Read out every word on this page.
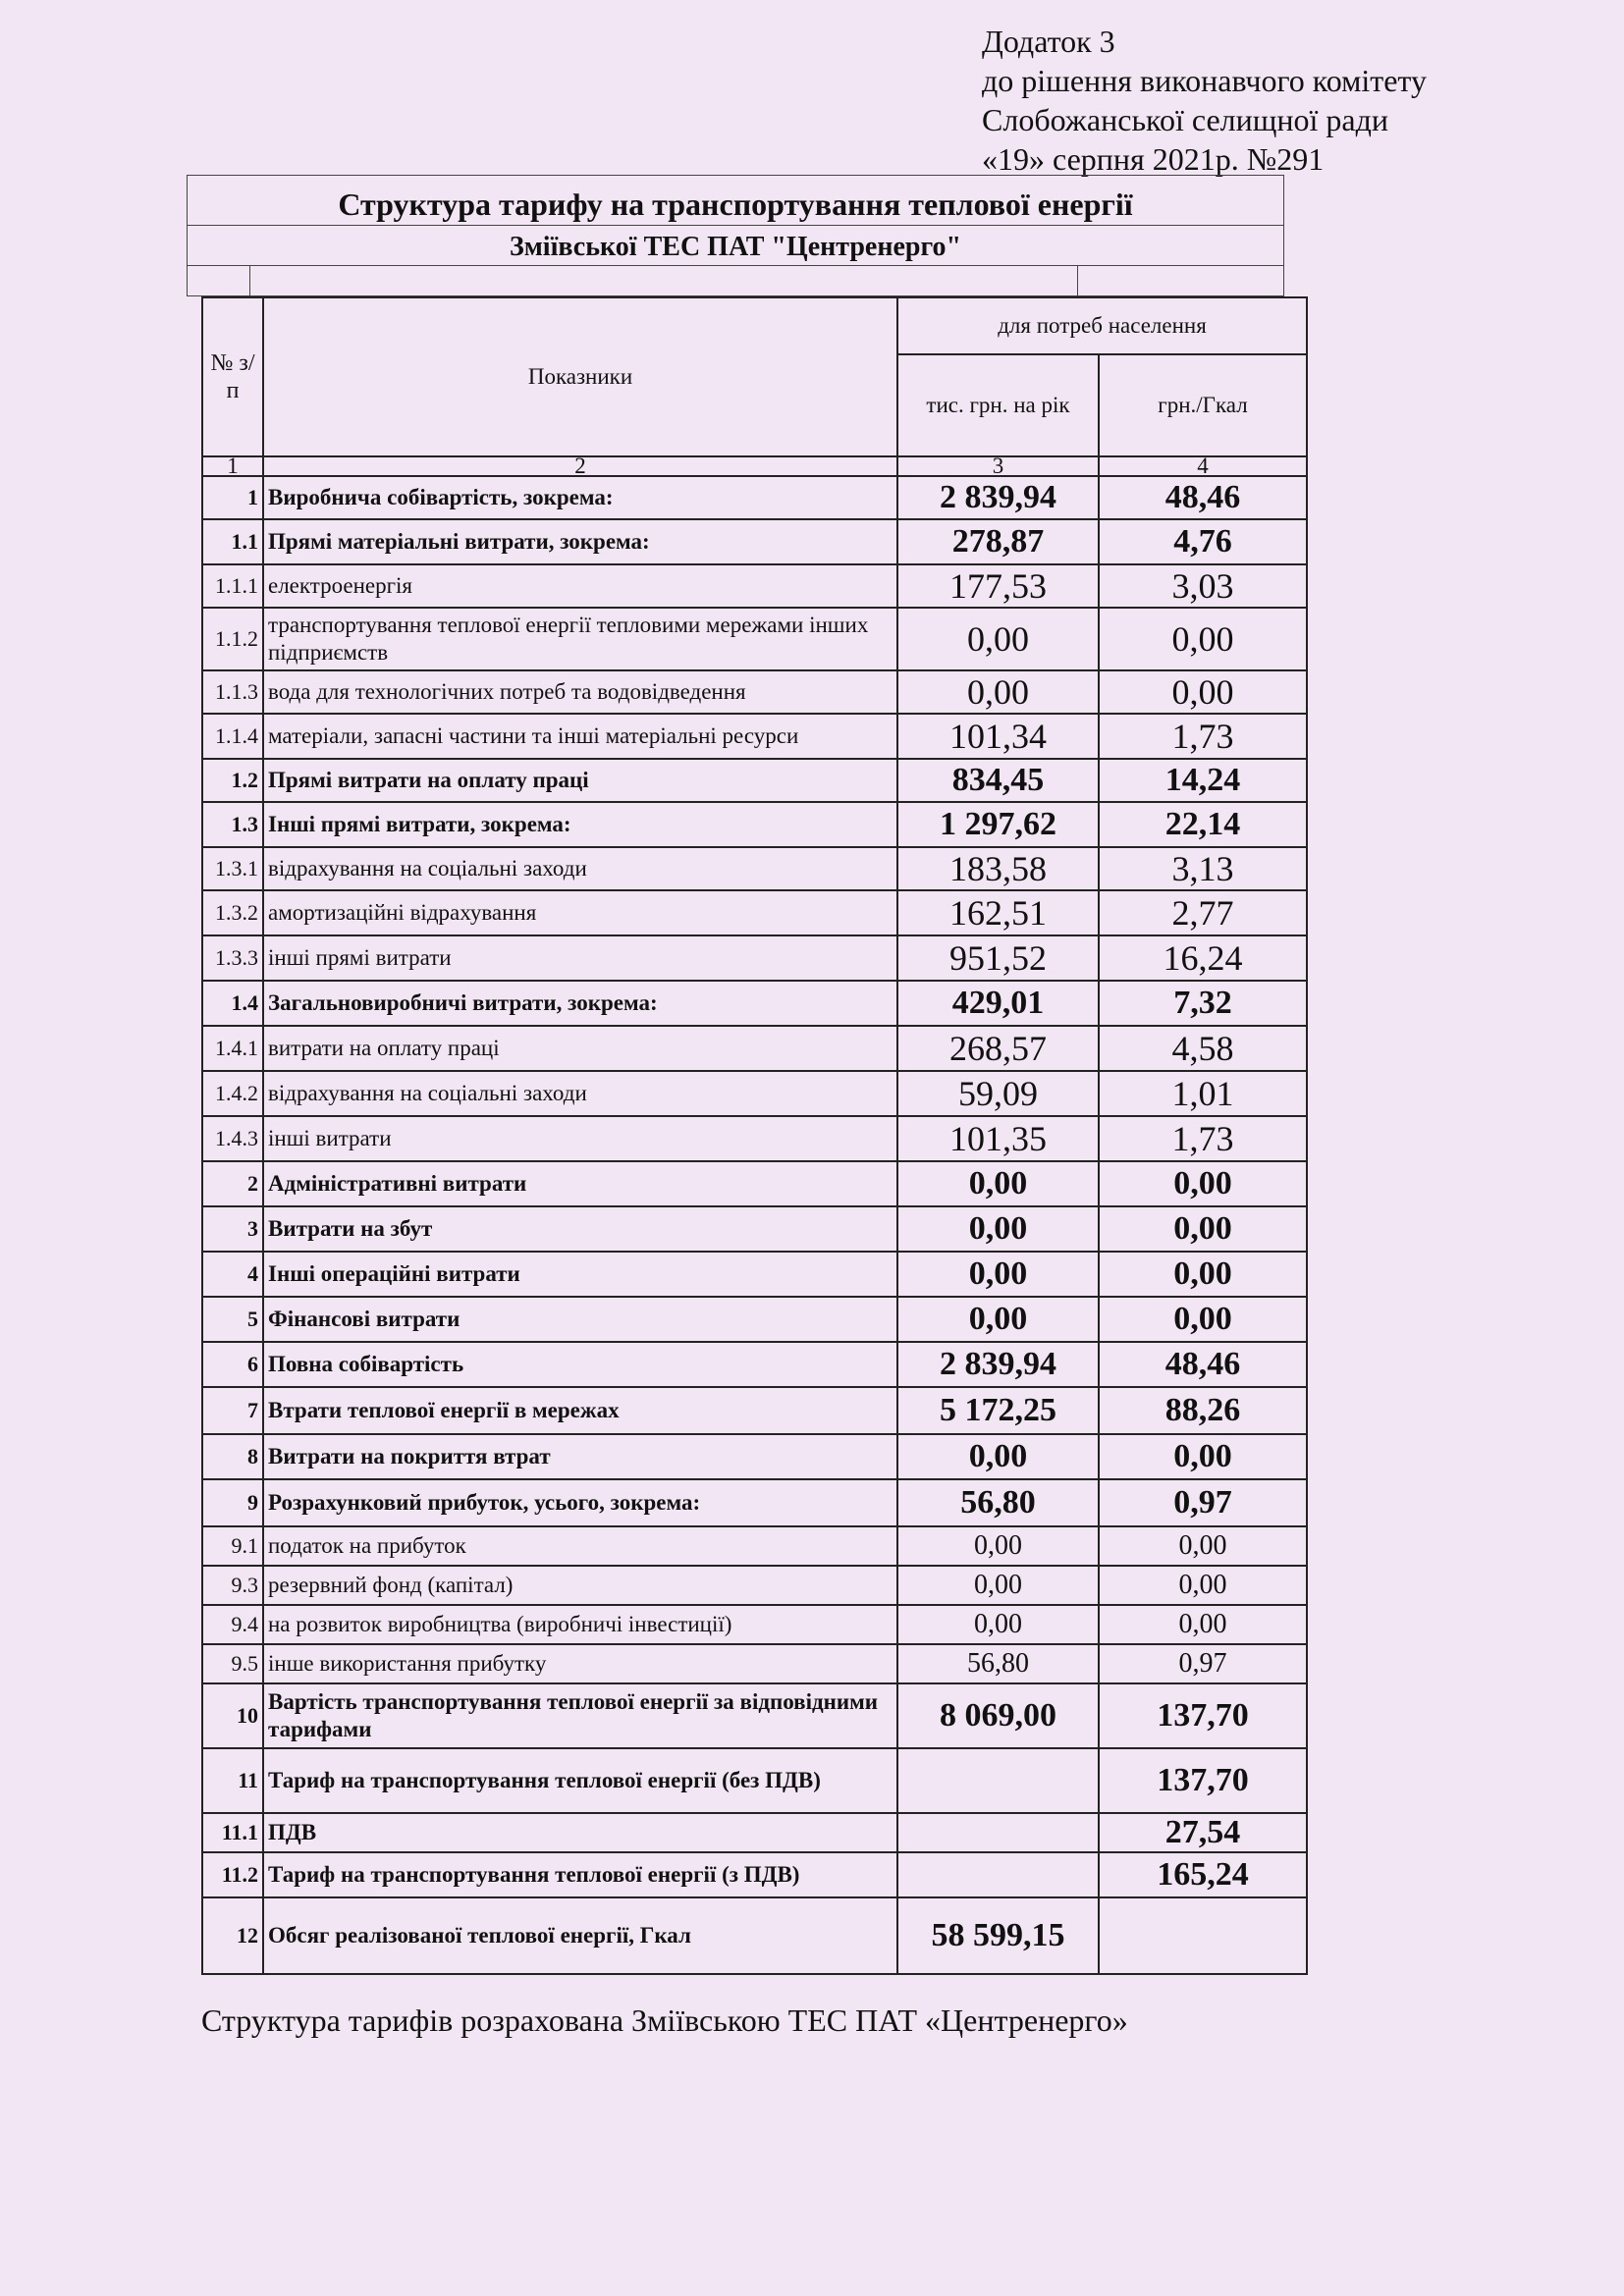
Додаток 3
до рішення виконавчого комітету
Слобожанської селищної ради
«19» серпня 2021р. №291
Структура тарифу на транспортування теплової енергії
Зміївської ТЕС ПАТ "Центренерго"
№ з/п	Показники	для потреб населення	
		тис. грн. на рік	грн./Гкал
1	2	3	4
1	Виробнича собівартість, зокрема:	2 839,94	48,46
1.1	Прямі матеріальні витрати, зокрема:	278,87	4,76
1.1.1	електроенергія	177,53	3,03
1.1.2	транспортування теплової енергії тепловими мережами інших підприємств	0,00	0,00
1.1.3	вода для технологічних потреб та водовідведення	0,00	0,00
1.1.4	матеріали, запасні частини та інші матеріальні ресурси	101,34	1,73
1.2	Прямі витрати на оплату праці	834,45	14,24
1.3	Інші прямі витрати, зокрема:	1 297,62	22,14
1.3.1	відрахування на соціальні заходи	183,58	3,13
1.3.2	амортизаційні відрахування	162,51	2,77
1.3.3	інші прямі витрати	951,52	16,24
1.4	Загальновиробничі витрати, зокрема:	429,01	7,32
1.4.1	витрати на оплату праці	268,57	4,58
1.4.2	відрахування на соціальні заходи	59,09	1,01
1.4.3	інші витрати	101,35	1,73
2	Адміністративні витрати	0,00	0,00
3	Витрати на збут	0,00	0,00
4	Інші операційні витрати	0,00	0,00
5	Фінансові витрати	0,00	0,00
6	Повна собівартість	2 839,94	48,46
7	Втрати теплової енергії в мережах	5 172,25	88,26
8	Витрати на покриття втрат	0,00	0,00
9	Розрахунковий прибуток, усього, зокрема:	56,80	0,97
9.1	податок на прибуток	0,00	0,00
9.3	резервний фонд (капітал)	0,00	0,00
9.4	на розвиток виробництва (виробничі інвестиції)	0,00	0,00
9.5	інше використання прибутку	56,80	0,97
10	Вартість транспортування теплової енергії за відповідними тарифами	8 069,00	137,70
11	Тариф на транспортування теплової енергії (без ПДВ)		137,70
11.1	ПДВ		27,54
11.2	Тариф на транспортування теплової енергії (з ПДВ)		165,24
12	Обсяг реалізованої теплової енергії, Гкал	58 599,15	
Структура тарифів розрахована Зміївською ТЕС ПАТ «Центренерго»
